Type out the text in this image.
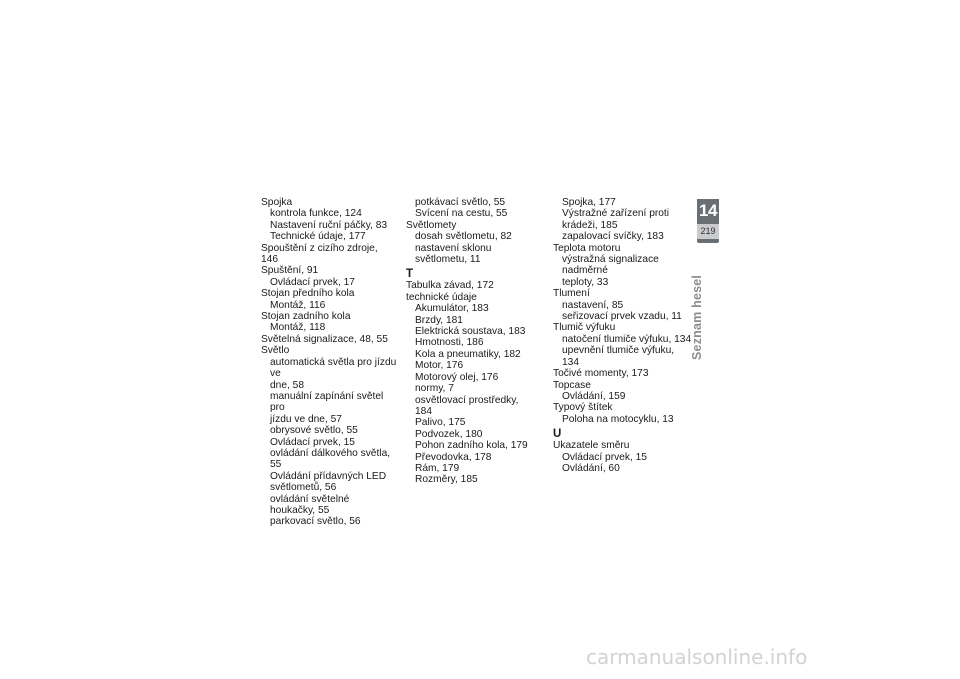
Spojka
kontrola funkce, 124
Nastavení ruční páčky, 83
Technické údaje, 177
Spouštění z cizího zdroje, 146
Spuštění, 91
Ovládací prvek, 17
Stojan předního kola
Montáž, 116
Stojan zadního kola
Montáž, 118
Světelná signalizace, 48, 55
Světlo
automatická světla pro jízdu ve
dne, 58
manuální zapínání světel pro
jízdu ve dne, 57
obrysové světlo, 55
Ovládací prvek, 15
ovládání dálkového světla, 55
Ovládání přídavných LED
světlometů, 56
ovládání světelné houkačky, 55
parkovací světlo, 56
potkávací světlo, 55
Svícení na cestu, 55
Světlomety
dosah světlometu, 82
nastavení sklonu
světlometu, 11
T
Tabulka závad, 172
technické údaje
Akumulátor, 183
Brzdy, 181
Elektrická soustava, 183
Hmotnosti, 186
Kola a pneumatiky, 182
Motor, 176
Motorový olej, 176
normy, 7
osvětlovací prostředky, 184
Palivo, 175
Podvozek, 180
Pohon zadního kola, 179
Převodovka, 178
Rám, 179
Rozměry, 185
Spojka, 177
Výstražné zařízení proti
krádeži, 185
zapalovací svíčky, 183
Teplota motoru
výstražná signalizace nadměrné
teploty, 33
Tlumení
nastavení, 85
seřizovací prvek vzadu, 11
Tlumič výfuku
natočení tlumiče výfuku, 134
upevnění tlumiče výfuku, 134
Točivé momenty, 173
Topcase
Ovládání, 159
Typový štítek
Poloha na motocyklu, 13
U
Ukazatele směru
Ovládací prvek, 15
Ovládání, 60
14
219
Seznam hesel
carmanualsonline.info
